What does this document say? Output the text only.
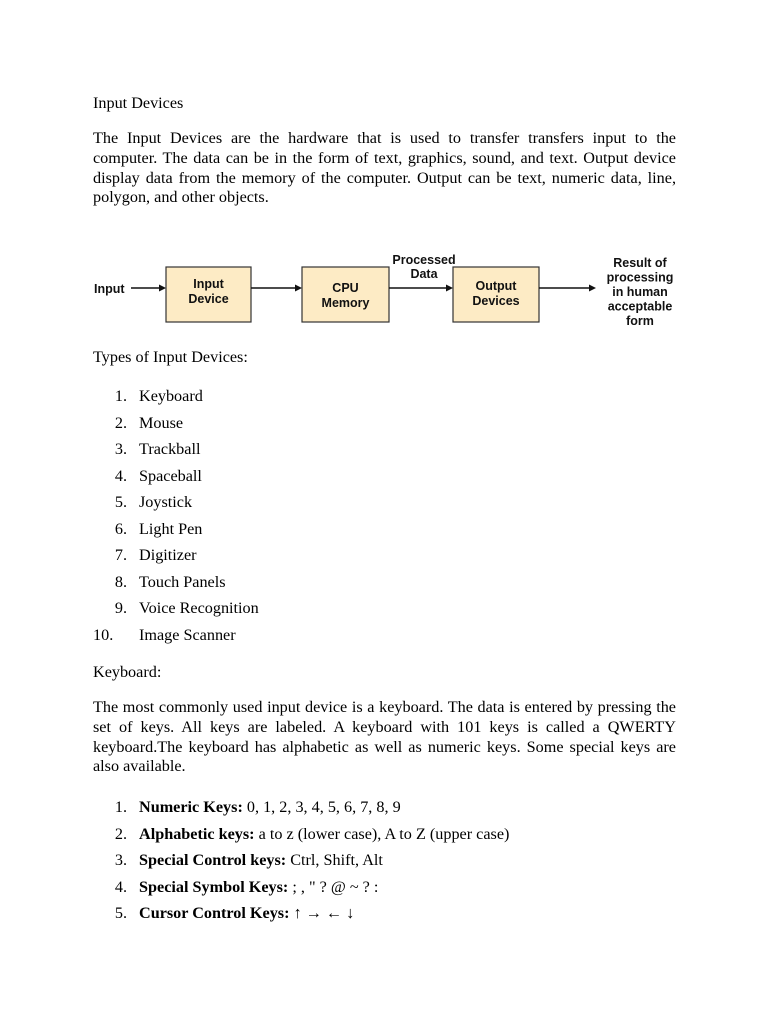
Input Devices

The Input Devices are the hardware that is used to transfer transfers input to the computer. The data can be in the form of text, graphics, sound, and text. Output device display data from the memory of the computer. Output can be text, numeric data, line, polygon, and other objects.

Input	Input
Device
CPU
Memory
Processed
Data
Output
Devices
Result of
processing
in human
acceptable
form

Types of Input Devices:

1. Keyboard
2. Mouse
3. Trackball
4. Spaceball
5. Joystick
6. Light Pen
7. Digitizer
8. Touch Panels
9. Voice Recognition
10.	Image Scanner

Keyboard:

The most commonly used input device is a keyboard. The data is entered by pressing the set of keys. All keys are labeled. A keyboard with 101 keys is called a QWERTY keyboard.The keyboard has alphabetic as well as numeric keys. Some special keys are also available.

1. Numeric Keys: 0, 1, 2, 3, 4, 5, 6, 7, 8, 9
2. Alphabetic keys: a to z (lower case), A to Z (upper case)
3. Special Control keys: Ctrl, Shift, Alt
4. Special Symbol Keys: ; , " ? @ ~ ? :
5. Cursor Control Keys: ↑ → ← ↓
